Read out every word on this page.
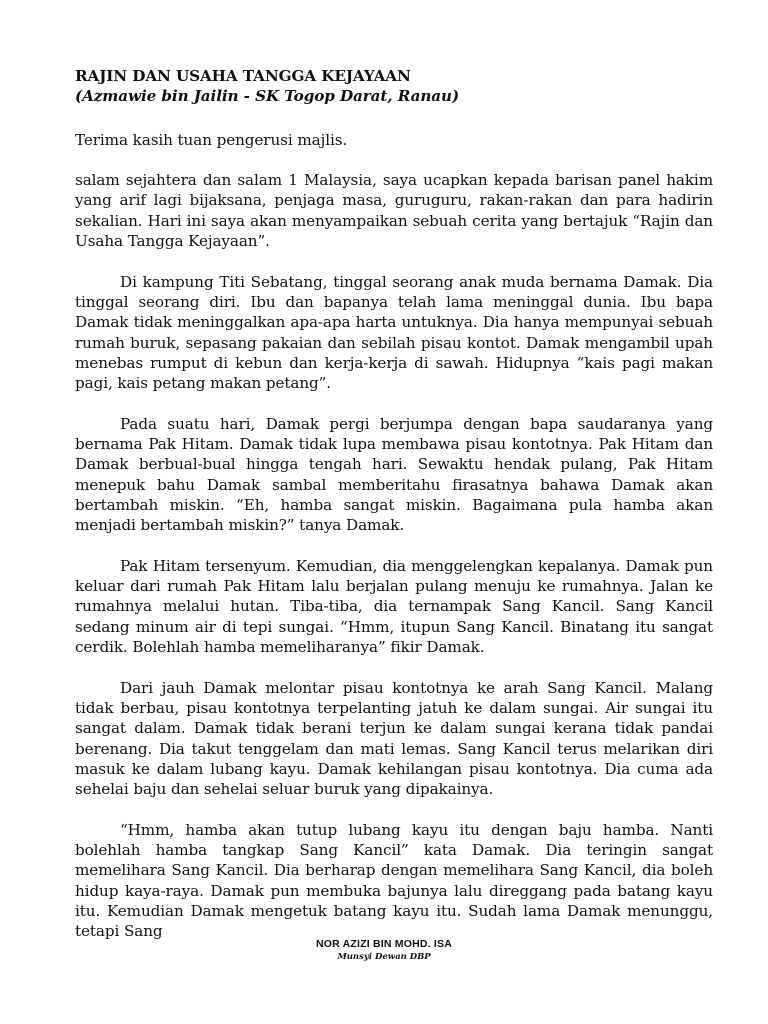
RAJIN DAN USAHA TANGGA KEJAYAAN
(Azmawie bin Jailin - SK Togop Darat, Ranau)

Terima kasih tuan pengerusi majlis.

salam sejahtera dan salam 1 Malaysia, saya ucapkan kepada barisan panel hakim yang arif lagi bijaksana, penjaga masa, guruguru, rakan-rakan dan para hadirin sekalian. Hari ini saya akan menyampaikan sebuah cerita yang bertajuk “Rajin dan Usaha Tangga Kejayaan”.

Di kampung Titi Sebatang, tinggal seorang anak muda bernama Damak. Dia tinggal seorang diri. Ibu dan bapanya telah lama meninggal dunia. Ibu bapa Damak tidak meninggalkan apa-apa harta untuknya. Dia hanya mempunyai sebuah rumah buruk, sepasang pakaian dan sebilah pisau kontot. Damak mengambil upah menebas rumput di kebun dan kerja-kerja di sawah. Hidupnya “kais pagi makan pagi, kais petang makan petang”.

Pada suatu hari, Damak pergi berjumpa dengan bapa saudaranya yang bernama Pak Hitam. Damak tidak lupa membawa pisau kontotnya. Pak Hitam dan Damak berbual-bual hingga tengah hari. Sewaktu hendak pulang, Pak Hitam menepuk bahu Damak sambal memberitahu firasatnya bahawa Damak akan bertambah miskin. “Eh, hamba sangat miskin. Bagaimana pula hamba akan menjadi bertambah miskin?” tanya Damak.

Pak Hitam tersenyum. Kemudian, dia menggelengkan kepalanya. Damak pun keluar dari rumah Pak Hitam lalu berjalan pulang menuju ke rumahnya. Jalan ke rumahnya melalui hutan. Tiba-tiba, dia ternampak Sang Kancil. Sang Kancil sedang minum air di tepi sungai. “Hmm, itupun Sang Kancil. Binatang itu sangat cerdik. Bolehlah hamba memeliharanya” fikir Damak.

Dari jauh Damak melontar pisau kontotnya ke arah Sang Kancil. Malang tidak berbau, pisau kontotnya terpelanting jatuh ke dalam sungai. Air sungai itu sangat dalam. Damak tidak berani terjun ke dalam sungai kerana tidak pandai berenang. Dia takut tenggelam dan mati lemas. Sang Kancil terus melarikan diri masuk ke dalam lubang kayu. Damak kehilangan pisau kontotnya. Dia cuma ada sehelai baju dan sehelai seluar buruk yang dipakainya.

“Hmm, hamba akan tutup lubang kayu itu dengan baju hamba. Nanti bolehlah hamba tangkap Sang Kancil” kata Damak. Dia teringin sangat memelihara Sang Kancil. Dia berharap dengan memelihara Sang Kancil, dia boleh hidup kaya-raya. Damak pun membuka bajunya lalu direggang pada batang kayu itu. Kemudian Damak mengetuk batang kayu itu. Sudah lama Damak menunggu, tetapi Sang

NOR AZIZI BIN MOHD. ISA
Munsyi Dewan DBP
